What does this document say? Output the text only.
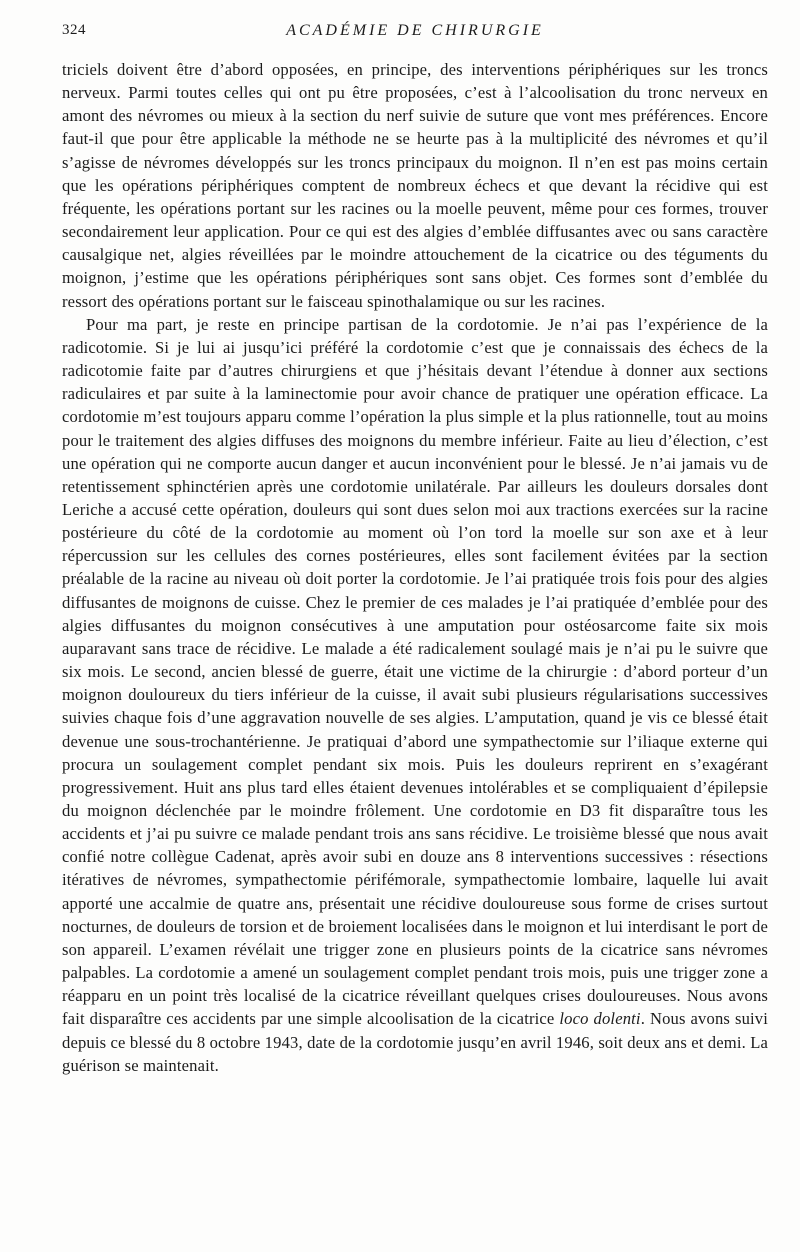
324	ACADÉMIE DE CHIRURGIE

triciels doivent être d’abord opposées, en principe, des interventions périphériques sur les troncs nerveux. Parmi toutes celles qui ont pu être proposées, c’est à l’alcoolisation du tronc nerveux en amont des névromes ou mieux à la section du nerf suivie de suture que vont mes préférences. Encore faut-il que pour être applicable la méthode ne se heurte pas à la multiplicité des névromes et qu’il s’agisse de névromes développés sur les troncs principaux du moignon. Il n’en est pas moins certain que les opérations périphériques comptent de nombreux échecs et que devant la récidive qui est fréquente, les opérations portant sur les racines ou la moelle peuvent, même pour ces formes, trouver secondairement leur application. Pour ce qui est des algies d’emblée diffusantes avec ou sans caractère causalgique net, algies réveillées par le moindre attouchement de la cicatrice ou des téguments du moignon, j’estime que les opérations périphériques sont sans objet. Ces formes sont d’emblée du ressort des opérations portant sur le faisceau spinothalamique ou sur les racines.

Pour ma part, je reste en principe partisan de la cordotomie. Je n’ai pas l’expérience de la radicotomie. Si je lui ai jusqu’ici préféré la cordotomie c’est que je connaissais des échecs de la radicotomie faite par d’autres chirurgiens et que j’hésitais devant l’étendue à donner aux sections radiculaires et par suite à la laminectomie pour avoir chance de pratiquer une opération efficace. La cordotomie m’est toujours apparu comme l’opération la plus simple et la plus rationnelle, tout au moins pour le traitement des algies diffuses des moignons du membre inférieur. Faite au lieu d’élection, c’est une opération qui ne comporte aucun danger et aucun inconvénient pour le blessé. Je n’ai jamais vu de retentissement sphinctérien après une cordotomie unilatérale. Par ailleurs les douleurs dorsales dont Leriche a accusé cette opération, douleurs qui sont dues selon moi aux tractions exercées sur la racine postérieure du côté de la cordotomie au moment où l’on tord la moelle sur son axe et à leur répercussion sur les cellules des cornes postérieures, elles sont facilement évitées par la section préalable de la racine au niveau où doit porter la cordotomie. Je l’ai pratiquée trois fois pour des algies diffusantes de moignons de cuisse. Chez le premier de ces malades je l’ai pratiquée d’emblée pour des algies diffusantes du moignon consécutives à une amputation pour ostéosarcome faite six mois auparavant sans trace de récidive. Le malade a été radicalement soulagé mais je n’ai pu le suivre que six mois. Le second, ancien blessé de guerre, était une victime de la chirurgie : d’abord porteur d’un moignon douloureux du tiers inférieur de la cuisse, il avait subi plusieurs régularisations successives suivies chaque fois d’une aggravation nouvelle de ses algies. L’amputation, quand je vis ce blessé était devenue une sous-trochantérienne. Je pratiquai d’abord une sympathectomie sur l’iliaque externe qui procura un soulagement complet pendant six mois. Puis les douleurs reprirent en s’exagérant progressivement. Huit ans plus tard elles étaient devenues intolérables et se compliquaient d’épilepsie du moignon déclenchée par le moindre frôlement. Une cordotomie en D3 fit disparaître tous les accidents et j’ai pu suivre ce malade pendant trois ans sans récidive. Le troisième blessé que nous avait confié notre collègue Cadenat, après avoir subi en douze ans 8 interventions successives : résections itératives de névromes, sympathectomie périfémorale, sympathectomie lombaire, laquelle lui avait apporté une accalmie de quatre ans, présentait une récidive douloureuse sous forme de crises surtout nocturnes, de douleurs de torsion et de broiement localisées dans le moignon et lui interdisant le port de son appareil. L’examen révélait une trigger zone en plusieurs points de la cicatrice sans névromes palpables. La cordotomie a amené un soulagement complet pendant trois mois, puis une trigger zone a réapparu en un point très localisé de la cicatrice réveillant quelques crises douloureuses. Nous avons fait disparaître ces accidents par une simple alcoolisation de la cicatrice loco dolenti. Nous avons suivi depuis ce blessé du 8 octobre 1943, date de la cordotomie jusqu’en avril 1946, soit deux ans et demi. La guérison se maintenait.
